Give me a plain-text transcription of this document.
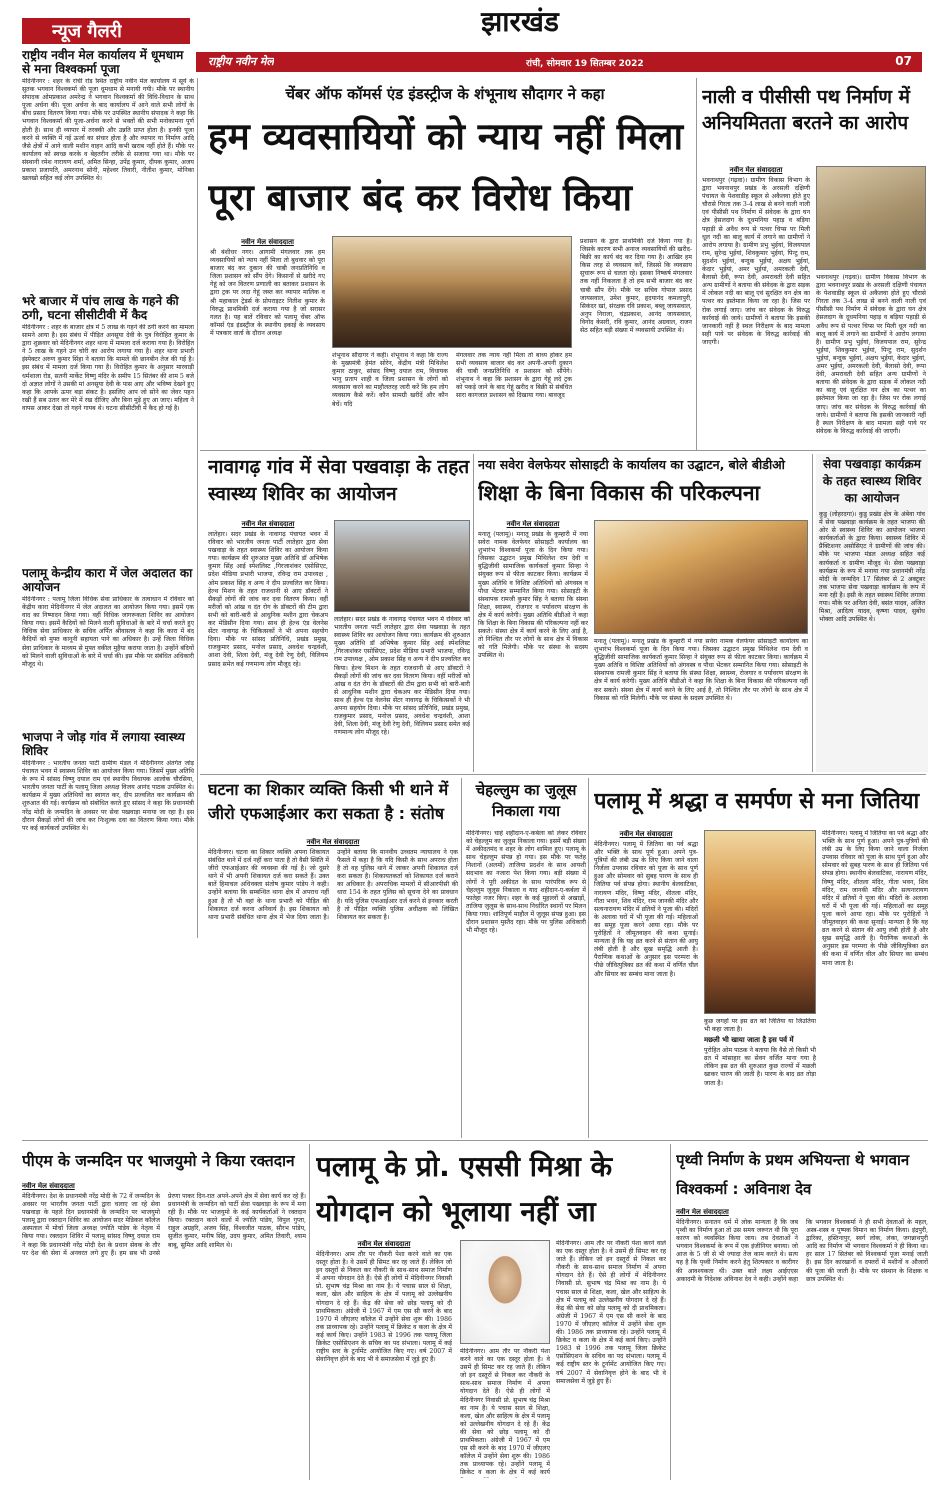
झारखंड
राष्ट्रीय नवीन मेल	रांची, सोमवार 19 सितम्बर 2022	07
न्यूज गैलरी
राष्ट्रीय नवीन मेल कार्यालय में धूमधाम से मना विश्वकर्मा पूजा
मेदिनीनगर : शहर के रांची रोड स्थित राष्ट्रीय नवीन मेल कार्यालय में सूर्य के सुतक भगवान विश्वकर्मा की पूजा धूमधाम से मनायी गयी। मौके पर स्थानीय संपादक ओमप्रकाश अमरेन्द्र ने भगवान विश्वकर्मा की विधि-विधान के साथ पूजा अर्चना की। पूजा अर्चना के बाद कार्यालय में आने वाले सभी लोगों के बीच प्रसाद वितरण किया गया। मौके पर उपस्थित स्थानीय संपादक ने कहा कि भगवान विश्वकर्मा की पूजा-अर्चना करने से भक्तों की सभी मनोकामना पूर्ण होती है। साथ ही व्यापार में तरक्की और उन्नति प्राप्त होता है। इनकी पूजा करने से व्यक्ति में नई ऊर्जा का संचार होता है और व्यापार या निर्माण आदि जैसे क्षेत्रों में आने वाली मशीन वाहन आदि कभी खराब नहीं होते हैं। मौके पर कार्यालय को स्वच्छ करके व बेहतरीन तरीके से सजाया गया था। मौके पर संस्थानी रमेश नारायण शर्मा, अमित सिन्हा, उपेंद्र कुमार, दीपक कुमार, अजय प्रकाश प्रजापति, अमरनाथ सोनी, महेश्वर तिवारी, नीतीश कुमार, मोनिका खलखो सहित कई लोग उपस्थित थे।
भरे बाजार में पांच लाख के गहने की ठगी, घटना सीसीटीवी में कैद
मेदिनीनगर : शहर के बाजार क्षेत्र में 5 लाख के गहने की ठगी करने का मामला सामने आया है। इस संबंध में पीड़ित अनसूया देवी के पुत्र विरोहित कुमार के द्वारा शुक्रवार को मेदिनीनगर शहर थाना में मामला दर्ज कराया गया है। विरोहित ने 5 लाख के गहने उन चोरी का आरोप लगाया गया है। शहर थाना प्रभारी इंस्पेक्टर अरुण कुमार सिंहा ने बताया कि मामले की छानबीन तेज की गई है। इस संबंध में मामला दर्ज किया गया है। विरोहित कुमार के अनुसार मारवाड़ी धर्मशाला रोड, सतनी मार्केट विष्णु मंदिर के समीप 15 सितंबर की शाम 5 बजे दो अज्ञात लोगों ने उसकी मां अनसूया देवी के पास आए और भविष्य देखने हुए कहा कि आपके ऊपर बड़ा संकट है। इसलिए आप जो सोने का जेवर पहन रखी हैं सब उतार कर मेरे में रख दीजिए और बिना मुड़े हुए आ जाए। महिला ने वापस आकर देखा तो गहने गायब थे। घटना सीसीटीवी में कैद हो गई है।
पलामू केन्द्रीय कारा में जेल अदालत का आयोजन
मेदिनीनगर : पलामू जिला विधिक सेवा प्राधिकार के तत्वाधान में रविवार को केंद्रीय कारा मेदिनीनगर में जेल अदालत का आयोजन किया गया। इसमें एक वाद का निष्पादन किया गया। वहीं विधिक जागरूकता शिविर का आयोजन किया गया। इसमें कैदियों को मिलने वाली सुविधाओं के बारे में चर्चा करते हुए विधिक सेवा प्राधिकार के सचिव अर्पित श्रीवास्तव ने कहा कि कारा में बंद कैदियों को मुफ्त कानूनी सहायता पाने का अधिकार है। उन्हें जिला विधिक सेवा प्राधिकार के माध्यम से मुफ्त वकील मुहैया कराया जाता है। उन्होंने बंदियों को मिलने वाली सुविधाओं के बारे में चर्चा की। इस मौके पर संबंधित अधिकारी मौजूद थे।
भाजपा ने जोड़ गांव में लगाया स्वास्थ्य शिविर
मेदिनीनगर : भारतीय जनता पार्टी ग्रामीण मंडल ने मेदिनीनगर अंतर्गत जोड़ पंचायत भवन में स्वास्थ्य शिविर का आयोजन किया गया। जिसमें मुख्य अतिथि के रूप में सांसद विष्णु दयाल राम एवं स्थानीय विधायक आलोक चौरसिया, भारतीय जनता पार्टी के पलामू जिला अध्यक्ष विजय आनंद पाठक उपस्थित थे। कार्यक्रम में मुख्य अतिथियों का स्वागत कर, दीप प्रज्वलित कर कार्यक्रम की शुरुआत की गई। कार्यक्रम को संबोधित करते हुए सांसद ने कहा कि प्रधानमंत्री नरेंद्र मोदी के जन्मदिन के अवसर पर सेवा पखवाड़ा मनाया जा रहा है। इस दौरान सैकड़ों लोगों की जांच कर निःशुल्क दवा का वितरण किया गया। मौके पर कई कार्यकर्ता उपस्थित थे।
चेंबर ऑफ कॉमर्स एंड इंडस्ट्रीज के शंभूनाथ सौदागर ने कहा
हम व्यवसायियों को न्याय नहीं मिला
पूरा बाजार बंद कर विरोध किया
नवीन मेल संवाददाता
श्री बंशीधर नगर। आगामी मंगलवार तक हम व्यवसायियों को न्याय नहीं मिला तो बुधवार को पूरा बाजार बंद कर दुकान की चाबी जनप्रतिनिधि व जिला प्रशासन को सौंप देंगे। किसानों से खरीदे गए गेहूं को जन वितरण प्रणाली का बताकर प्रशासन के द्वारा ट्रक पर लदा गेहूं जब्त कर व्यापार मालिक व श्री महाकाल ट्रेडर्स के प्रोपराइटर नितीश कुमार के विरुद्ध प्राथमिकी दर्ज कराया गया है जो सरासर गलत है। यह बातें रविवार को पलामू चेंबर ऑफ कॉमर्स एंड इंडस्ट्रीज के स्थानीय इकाई के व्यवसाय में पत्रकार वार्ता के दौरान अध्यक्ष
शंभूनाथ सौदागर ने कही। शंभूनाथ ने कहा कि राज्य के मुख्यमंत्री हेमंत सोरेन, केंद्रीय मंत्री मिथिलेश कुमार ठाकुर, सांसद विष्णु दयाल राम, विधायक भानु प्रताप शाही व जिला प्रशासन के लोगों को व्यवसाय करने का माहौलतरह जारी करें कि हम लोग व्यवसाय कैसे करें। कौन सामग्री खरीदें और कौन बेचें। यदि
मंगलवार तक न्याय नहीं मिला तो बाध्य होकर हम सभी व्यवसाय बाजार बंद कर अपनी-अपनी दुकान की चाबी जनप्रतिनिधि व प्रशासन को सौंपेंगे। शंभूनाथ ने कहा कि प्रशासन के द्वारा गेहूं लदे ट्रक को पकड़े जाने के बाद गेहूं खरीद व बिक्री से संबंधित सारा कागजात प्रशासन को दिखाया गया। बावजूद
प्रशासन के द्वारा प्राथमिकी दर्ज किया गया है। जिसके कारण सभी अनाज व्यवसायियों की खरीद-बिक्री का कार्य बंद कर दिया गया है। आखिर हम किस तरह से व्यवसाय करें, जिससे कि व्यवसाय सुचारू रूप से चलता रहे। इसका निष्कर्ष मंगलवार तक नहीं निकलता है तो हम सभी बाजार बंद कर चाबी सौंप देंगे। मौके पर सचिव गोपाल प्रसाद जायसवाल, उमेश कुमार, हृदयानंद कमलापुरी, सिकंदर खां, संरक्षक रवि प्रकाश, बब्लू जायसवाल, अनुप निराला, चंद्रप्रकाश, आनंद जायसवाल, विनोद केसरी, रवि कुमार, आनंद अग्रवाल, राजन सेठ सहित बड़ी संख्या में व्यवसायी उपस्थित थे।
नाली व पीसीसी पथ निर्माण में अनियमितता बरतने का आरोप
नवीन मेल संवाददाता
भवनाथपुर (गढ़वा)। ग्रामीण विकास विभाग के द्वारा भवनाथपुर प्रखंड के अरसली दक्षिणी पंचायत के पेशवाडीह स्कूल से अकैलवा होते हुए चौरासे गिरता तक 3-4 लाख से बनने वाली नाली एवं पीसीसी पथ निर्माण में संवेदक के द्वारा घन क्षेत्र हेसलदाग के दूधमनिया पहाड़ व बड़िया पहाड़ी से अवैध रूप से पत्थर चिप्स पर मिली धूल नदी का बालू कार्य में लगाने का ग्रामीणों ने आरोप लगाया है। ग्रामीण प्रभु भुईयां, विजयपाल राम, सुरेन्द्र भुईयां, शिवकुमार भुईयां, पिन्टु राम, सुदर्शन भुईयां, बन्दुक भुईयां, अक्षय भुईयां, केदार भुईयां, अमर भुईयां, अमरकली देवी, बैलासो देवी, रूपा देवी, अमरावती देवी सहित अन्य ग्रामीणों ने बताया की संवेदक के द्वारा सड़क में लोकल नदी का बालू एवं सुरक्षित वन क्षेत्र का पत्थर का इस्तेमाल किया जा रहा है। जिस पर रोक लगाई जाए। जांच कर संवेदक के विरुद्ध कार्रवाई की जाये। ग्रामीणों ने बताया कि इसकी जानकारी नहीं है स्थल निरीक्षण के बाद मामला सही पाये पर संवेदक के विरुद्ध कार्रवाई की जाएगी।
भवनाथपुर (गढ़वा)। ग्रामीण विकास विभाग के द्वारा भवनाथपुर प्रखंड के अरसली दक्षिणी पंचायत के पेशवाडीह स्कूल से अकैलवा होते हुए चौरासे गिरता तक 3-4 लाख से बनने वाली नाली एवं पीसीसी पथ निर्माण में संवेदक के द्वारा घन क्षेत्र हेसलदाग के दूधमनिया पहाड़ व बड़िया पहाड़ी से अवैध रूप से पत्थर चिप्स पर मिली धूल नदी का बालू कार्य में लगाने का ग्रामीणों ने आरोप लगाया है। ग्रामीण प्रभु भुईयां, विजयपाल राम, सुरेन्द्र भुईयां, शिवकुमार भुईयां, पिन्टु राम, सुदर्शन भुईयां, बन्दुक भुईयां, अक्षय भुईयां, केदार भुईयां, अमर भुईयां, अमरकली देवी, बैलासो देवी, रूपा देवी, अमरावती देवी सहित अन्य ग्रामीणों ने बताया की संवेदक के द्वारा सड़क में लोकल नदी का बालू एवं सुरक्षित वन क्षेत्र का पत्थर का इस्तेमाल किया जा रहा है। जिस पर रोक लगाई जाए। जांच कर संवेदक के विरुद्ध कार्रवाई की जाये। ग्रामीणों ने बताया कि इसकी जानकारी नहीं है स्थल निरीक्षण के बाद मामला सही पाये पर संवेदक के विरुद्ध कार्रवाई की जाएगी।
नावागढ़ गांव में सेवा पखवाड़ा के तहत स्वास्थ्य शिविर का आयोजन
नवीन मेल संवाददाता
लातेहार। सदर प्रखंड के नावागढ़ पंचायत भवन में रविवार को भारतीय जनता पार्टी लातेहार द्वारा सेवा पखवाड़ा के तहत स्वास्थ्य शिविर का आयोजन किया गया। कार्यक्रम की शुरुआत मुख्य अतिथि डॉ अभिषेक कुमार सिंह आई स्पेशलिस्ट ,गिरजाशंकर एसोसिएट, प्रदेश मीडिया प्रभारी भाजपा, रविन्द्र राम उपाध्यक्ष , ओम प्रकाश सिंह व अन्य ने दीप प्रज्वलित कर किया। हेल्थ मिशन के तहत राजधानी से आए डॉक्टरों ने सैकड़ों लोगों की जांच कर दवा वितरण किया। वहीं मरीजों को आंख व दंत रोग के डॉक्टरों की टीम द्वारा सभी को बारी-बारी से आधुनिक मशीन द्वारा चेकअप कर मेडिसीन दिया गया। साथ ही हेल्थ एंड वेलनेस सेंटर नावागढ़ के चिकित्सकों ने भी अपना सहयोग दिया। मौके पर सांसद प्रतिनिधि, प्रखंड प्रमुख, राजकुमार प्रसाद, मनोज प्रसाद, अवधेश चन्द्रवंशी, आशा देवी, शिला देवी, मंजू देवी रेणु देवी, विलियम प्रसाद समेत कई गणमान्य लोग मौजूद रहे।
लातेहार। सदर प्रखंड के नावागढ़ पंचायत भवन में रविवार को भारतीय जनता पार्टी लातेहार द्वारा सेवा पखवाड़ा के तहत स्वास्थ्य शिविर का आयोजन किया गया। कार्यक्रम की शुरुआत मुख्य अतिथि डॉ अभिषेक कुमार सिंह आई स्पेशलिस्ट ,गिरजाशंकर एसोसिएट, प्रदेश मीडिया प्रभारी भाजपा, रविन्द्र राम उपाध्यक्ष , ओम प्रकाश सिंह व अन्य ने दीप प्रज्वलित कर किया। हेल्थ मिशन के तहत राजधानी से आए डॉक्टरों ने सैकड़ों लोगों की जांच कर दवा वितरण किया। वहीं मरीजों को आंख व दंत रोग के डॉक्टरों की टीम द्वारा सभी को बारी-बारी से आधुनिक मशीन द्वारा चेकअप कर मेडिसीन दिया गया। साथ ही हेल्थ एंड वेलनेस सेंटर नावागढ़ के चिकित्सकों ने भी अपना सहयोग दिया। मौके पर सांसद प्रतिनिधि, प्रखंड प्रमुख, राजकुमार प्रसाद, मनोज प्रसाद, अवधेश चन्द्रवंशी, आशा देवी, शिला देवी, मंजू देवी रेणु देवी, विलियम प्रसाद समेत कई गणमान्य लोग मौजूद रहे।
नया सवेरा वेलफेयर सोसाइटी के कार्यालय का उद्घाटन, बोले बीडीओ
शिक्षा के बिना विकास की परिकल्पना
नवीन मेल संवाददाता
मनातू (पलामू)। मनातू प्रखंड के कुम्हारी में नया सवेरा नामक वेलफेयर सोसाइटी कार्यालय का शुभारंभ विश्वकर्मा पूजा के दिन किया गया। जिसका उद्घाटन प्रमुख मिथिलेश राम देवी व बुद्धिजीवी सामाजिक कार्यकर्ता कुमार सिन्हा ने संयुक्त रूप से फीता काटकर किया। कार्यक्रम में मुख्य अतिथि व विशिष्ट अतिथियों को अंगवस्त्र व पौधा भेंटकर सम्मानित किया गया। सोसाइटी के संस्थापक रामजी कुमार सिंह ने बताया कि संस्था शिक्षा, स्वास्थ्य, रोजगार व पर्यावरण संरक्षण के क्षेत्र में कार्य करेगी। मुख्य अतिथि बीडीओ ने कहा कि शिक्षा के बिना विकास की परिकल्पना नहीं कर सकते। संस्था क्षेत्र में कार्य करने के लिए आई है, तो निश्चित तौर पर लोगों के साथ क्षेत्र में विकास को गति मिलेगी। मौके पर संस्था के सदस्य उपस्थित थे।
मनातू (पलामू)। मनातू प्रखंड के कुम्हारी में नया सवेरा नामक वेलफेयर सोसाइटी कार्यालय का शुभारंभ विश्वकर्मा पूजा के दिन किया गया। जिसका उद्घाटन प्रमुख मिथिलेश राम देवी व बुद्धिजीवी सामाजिक कार्यकर्ता कुमार सिन्हा ने संयुक्त रूप से फीता काटकर किया। कार्यक्रम में मुख्य अतिथि व विशिष्ट अतिथियों को अंगवस्त्र व पौधा भेंटकर सम्मानित किया गया। सोसाइटी के संस्थापक रामजी कुमार सिंह ने बताया कि संस्था शिक्षा, स्वास्थ्य, रोजगार व पर्यावरण संरक्षण के क्षेत्र में कार्य करेगी। मुख्य अतिथि बीडीओ ने कहा कि शिक्षा के बिना विकास की परिकल्पना नहीं कर सकते। संस्था क्षेत्र में कार्य करने के लिए आई है, तो निश्चित तौर पर लोगों के साथ क्षेत्र में विकास को गति मिलेगी। मौके पर संस्था के सदस्य उपस्थित थे।
सेवा पखवाड़ा कार्यक्रम के तहत स्वास्थ्य शिविर का आयोजन
कुडु (लोहरदगा)। कुडु प्रखंड क्षेत्र के अंबेवा गांव में सेवा पखवाड़ा कार्यक्रम के तहत भाजपा की ओर से स्वास्थ्य शिविर का आयोजन भाजपा कार्यकर्ताओं के द्वारा किया। स्वास्थ्य शिविर में प्रैक्टिशनर असोसिएट ने ग्रामीणों की जांच की। मौके पर भाजपा मंडल अध्यक्ष सहित कई कार्यकर्ता व ग्रामीण मौजूद थे। सेवा पखवाड़ा कार्यक्रम के रूप में मनाया गया प्रधानमंत्री नरेंद्र मोदी के जन्मदिन 17 सितंबर से 2 अक्टूबर तक भाजपा सेवा पखवाड़ा कार्यक्रम के रूप में मना रही है। इसी के तहत स्वास्थ्य शिविर लगाया गया। मौके पर अनिता देवी, बसंत यादव, अजित मिश्रा, आदित्य यादव, कृष्णा यादव, सुबोध भोक्ता आदि उपस्थित थे।
घटना का शिकार व्यक्ति किसी भी थाने में जीरो एफआईआर करा सकता है : संतोष
नवीन मेल संवाददाता
मेदिनीनगर। घटना का शिकार व्यक्ति अपना शिकायत संबंधित थाने में दर्ज नहीं करा पाता है तो वैसी स्थिति में जीरो एफआईआर की व्यवस्था की गई है। जो दूसरे थाने में भी अपनी शिकायत दर्ज करा सकते हैं। उक्त बातें हिमाचल अधिवक्ता संतोष कुमार पांडेय ने कही। उन्होंने बताया कि सम्बन्धित थाना क्षेत्र में अपराध नहीं हुआ है तो भी वहां के थाना प्रभारी को पीड़ित की शिकायत दर्ज करना अनिवार्य है। इस शिकायत को थाना प्रभारी संबंधित थाना क्षेत्र में भेज दिया जाता है। उन्होंने बताया कि मानवीय उच्चतम न्यायालय ने एक फैसले में कहा है कि यदि किसी के साथ अपराध होता है तो वह पुलिस थाने में जाकर अपनी शिकायत दर्ज करा सकता है। शिकायतकर्ता को शिकायत दर्ज कराने का अधिकार है। अपराधिक मामलों में सीआरपीसी की धारा 154 के तहत पुलिस को सूचना देने का प्रावधान है। यदि पुलिस एफआईआर दर्ज करने से इनकार करती है तो पीड़ित व्यक्ति पुलिस अधीक्षक को लिखित शिकायत कर सकता है।
चेहल्लुम का जुलूस निकाला गया
मेदिनीनगर। चाहे शहीदान-ए-कर्बला को लेकर रविवार को चेहल्लुम का जुलूस निकाला गया। इसमें बड़ी संख्या में अकीदतमंद व शहर के लोग शामिल हुए। पलामू के साथ चेहल्लुम संपन्न हो गया। इस मौके पर फतेह निशानों (अलमों) ताजिया प्रदर्शन के साथ आयशी सदभाव का नजारा पेश किया गया। बड़ी संख्या में लोगों ने पूरी अकीदत के साथ पारंपरिक रूप से चेहल्लुम जुलूस निकाला व याद शहीदान-ए-कर्बला में फातेहा नजर किए। शहर के कई मुहल्लों से अखाड़ों, ताजिया जुलूस के साथ-साथ निर्धारित स्थानों पर मिलन किया गया। शांतिपूर्ण माहौल में जुलूस संपन्न हुआ। इस दौरान प्रशासन मुस्तैद रहा। मौके पर पुलिस अधिकारी भी मौजूद रहे।
पलामू में श्रद्धा व समर्पण से मना जितिया
नवीन मेल संवाददाता
मेदिनीनगर। पलामू में जितिया का पर्व श्रद्धा और भक्ति के साथ पूर्ण हुआ। अपने पुत्र-पुत्रियों की लंबी उम्र के लिए किया जाने वाला निर्जला उपवास रविवार को पूजा के साथ पूर्ण हुआ और सोमवार को सुबह पारण के साथ ही जितिया पर्व संपन्न होगा। स्थानीय बेलवाटिका, नारायण मंदिर, विष्णु मंदिर, शीतला मंदिर, गीता भवन, शिव मंदिर, राम जानकी मंदिर और सत्यनारायण मंदिर में व्रतियों ने पूजा की। मंदिरों के अलावा घरों में भी पूजा की गई। महिलाओं का समूह पूजा करने आया रहा। मौके पर पुरोहितों ने जीमूतवाहन की कथा सुनाई। मान्यता है कि यह व्रत करने से संतान की आयु लंबी होती है और सुख समृद्धि आती है। पैराणिक कथाओं के अनुसार इस परम्परा के पीछे जीवित्पुत्रिका व्रत की कथा में वर्णित चील और सियार का सम्बंध माना जाता है।
कुछ जगहों पर इस व्रत को जितिया या जिउतिया भी कहा जाता है।
मछली भी खाया जाता है इस पर्व में
पुरोहित ओम पाठक ने बताया कि वैसे तो किसी भी व्रत में मांसाहार का सेवन वर्जित माना गया है लेकिन इस व्रत की शुरुआत कुछ राज्यों में मछली खाकर पारण की जाती है। पारण के बाद व्रत तोड़ा जाता है।
मेदिनीनगर। पलामू में जितिया का पर्व श्रद्धा और भक्ति के साथ पूर्ण हुआ। अपने पुत्र-पुत्रियों की लंबी उम्र के लिए किया जाने वाला निर्जला उपवास रविवार को पूजा के साथ पूर्ण हुआ और सोमवार को सुबह पारण के साथ ही जितिया पर्व संपन्न होगा। स्थानीय बेलवाटिका, नारायण मंदिर, विष्णु मंदिर, शीतला मंदिर, गीता भवन, शिव मंदिर, राम जानकी मंदिर और सत्यनारायण मंदिर में व्रतियों ने पूजा की। मंदिरों के अलावा घरों में भी पूजा की गई। महिलाओं का समूह पूजा करने आया रहा। मौके पर पुरोहितों ने जीमूतवाहन की कथा सुनाई। मान्यता है कि यह व्रत करने से संतान की आयु लंबी होती है और सुख समृद्धि आती है। पैराणिक कथाओं के अनुसार इस परम्परा के पीछे जीवित्पुत्रिका व्रत की कथा में वर्णित चील और सियार का सम्बंध माना जाता है।
पीएम के जन्मदिन पर भाजयुमो ने किया रक्तदान
नवीन मेल संवाददाता
मेदिनीनगर। देश के प्रधानमंत्री नरेंद्र मोदी के 72 वें जन्मदिन के अवसर पर भारतीय जनता पार्टी द्वारा चलाए जा रहे सेवा पखवाड़ा के पहले दिन प्रधानमंत्री के जन्मदिन पर भाजयुमो पलामू द्वारा रक्तदान शिविर का आयोजन सदर मेडिकल कॉलेज अस्पताल में मोर्चा जिला अध्यक्ष ज्योति पांडेय के नेतृत्व में किया गया। रक्तदान शिविर में पलामू सांसद विष्णु दयाल राम ने कहा कि प्रधानमंत्री नरेंद्र मोदी देश के प्रधान सेवक के तौर पर देश की सेवा में अनवरत लगे हुए हैं। हम सब भी उनसे प्रेरणा पाकर दिन-रात अपने-अपने क्षेत्र में सेवा कार्य कर रहे हैं। प्रधानमंत्री के जन्मदिन को पार्टी सेवा पखवाड़ा के रूप में मना रही है। मौके पर भाजयुमो के कई कार्यकर्ताओं ने रक्तदान किया। रक्तदान करने वालों में ज्योति पांडेय, विपुल गुप्ता, राहुल अग्रहरि, अजय सिंह, विश्वजीत पाठक, सौरभ पांडेय, सुजीत कुमार, मनीष सिंह, उदय कुमार, अमित तिवारी, श्याम बाबू, सुमित आदि शामिल थे।
पलामू के प्रो. एससी मिश्रा के
योगदान को भूलाया नहीं जा
नवीन मेल संवाददाता
मेदिनीनगर। आम तौर पर नौकरी पेशा करने वाले का एक दस्तूर होता है। वे उसमें ही सिमट कर रह जाते हैं। लेकिन जो इन दस्तूरों से निकल कर नौकरी के साथ-साथ समाज निर्माण में अपना योगदान देते हैं। ऐसे ही लोगों में मेदिनीनगर निवासी प्रो. सुभाष चंद्र मिश्रा का नाम है। ये पचास साल से शिक्षा, कला, खेल और साहित्य के क्षेत्र में पलामू को उल्लेखनीय योगदान दे रहे हैं। केंद्र की सेवा को छोड़ पलामू को दी प्राथमिकता। अंग्रेजी में 1967 में एम एस सी करने के बाद 1970 में जीएलए कॉलेज में उन्होंने सेवा शुरू की। 1986 तक प्राध्यापक रहे। उन्होंने पलामू में क्रिकेट व कला के क्षेत्र में कई कार्य किए। उन्होंने 1983 से 1996 तक पलामू जिला क्रिकेट एसोसिएशन के सचिव का पद संभाला। पलामू में कई राष्ट्रीय स्तर के टूर्नामेंट आयोजित किए गए। वर्ष 2007 में सेवानिवृत्त होने के बाद भी वे समाजसेवा में जुड़े हुए हैं।
मेदिनीनगर। आम तौर पर नौकरी पेशा करने वाले का एक दस्तूर होता है। वे उसमें ही सिमट कर रह जाते हैं। लेकिन जो इन दस्तूरों से निकल कर नौकरी के साथ-साथ समाज निर्माण में अपना योगदान देते हैं। ऐसे ही लोगों में मेदिनीनगर निवासी प्रो. सुभाष चंद्र मिश्रा का नाम है। ये पचास साल से शिक्षा, कला, खेल और साहित्य के क्षेत्र में पलामू को उल्लेखनीय योगदान दे रहे हैं। केंद्र की सेवा को छोड़ पलामू को दी प्राथमिकता। अंग्रेजी में 1967 में एम एस सी करने के बाद 1970 में जीएलए कॉलेज में उन्होंने सेवा शुरू की। 1986 तक प्राध्यापक रहे। उन्होंने पलामू में क्रिकेट व कला के क्षेत्र में कई कार्य
मेदिनीनगर। आम तौर पर नौकरी पेशा करने वाले का एक दस्तूर होता है। वे उसमें ही सिमट कर रह जाते हैं। लेकिन जो इन दस्तूरों से निकल कर नौकरी के साथ-साथ समाज निर्माण में अपना योगदान देते हैं। ऐसे ही लोगों में मेदिनीनगर निवासी प्रो. सुभाष चंद्र मिश्रा का नाम है। ये पचास साल से शिक्षा, कला, खेल और साहित्य के क्षेत्र में पलामू को उल्लेखनीय योगदान दे रहे हैं। केंद्र की सेवा को छोड़ पलामू को दी प्राथमिकता। अंग्रेजी में 1967 में एम एस सी करने के बाद 1970 में जीएलए कॉलेज में उन्होंने सेवा शुरू की। 1986 तक प्राध्यापक रहे। उन्होंने पलामू में क्रिकेट व कला के क्षेत्र में कई कार्य किए। उन्होंने 1983 से 1996 तक पलामू जिला क्रिकेट एसोसिएशन के सचिव का पद संभाला। पलामू में कई राष्ट्रीय स्तर के टूर्नामेंट आयोजित किए गए। वर्ष 2007 में सेवानिवृत्त होने के बाद भी वे समाजसेवा में जुड़े हुए हैं।
पृथ्वी निर्माण के प्रथम अभियन्ता थे भगवान विश्वकर्मा : अविनाश देव
नवीन मेल संवाददाता
मेदिनीनगर। सनातन धर्म में लोक मान्यता है कि जब पृथ्वी का निर्माण हुआ तो उस समय जरूरत थी कि पूरा कारण को व्यवस्थित किया जाय। तब देवताओं ने भगवान विश्वकर्मा के रूप में एक इंजीनियर बनाया। जो आज के 5 जी से भी ज्यादा तेज काम करते थे। सत्य यह है कि पृथ्वी निर्माण करने हेतु शिल्पकार व कारीगर की आवश्यकता थी। उक्त बातें लक्ष्य आईएएस अकादमी के निदेशक अविनाश देव ने कही। उन्होंने कहा कि भगवान विश्वकर्मा ने ही सभी देवताओं के महल, अस्त्र-शस्त्र व पुष्पक विमान का निर्माण किया। इंद्रपुरी, द्वारिका, हस्तिनापुर, स्वर्ग लोक, लंका, जगन्नाथपुरी आदि का निर्माण भी भगवान विश्वकर्मा ने ही किया था। हर साल 17 सितंबर को विश्वकर्मा पूजा मनाई जाती है। इस दिन कारखानों व दफ्तरों में मशीनों व औजारों की पूजा की जाती है। मौके पर संस्थान के शिक्षक व छात्र उपस्थित थे।
